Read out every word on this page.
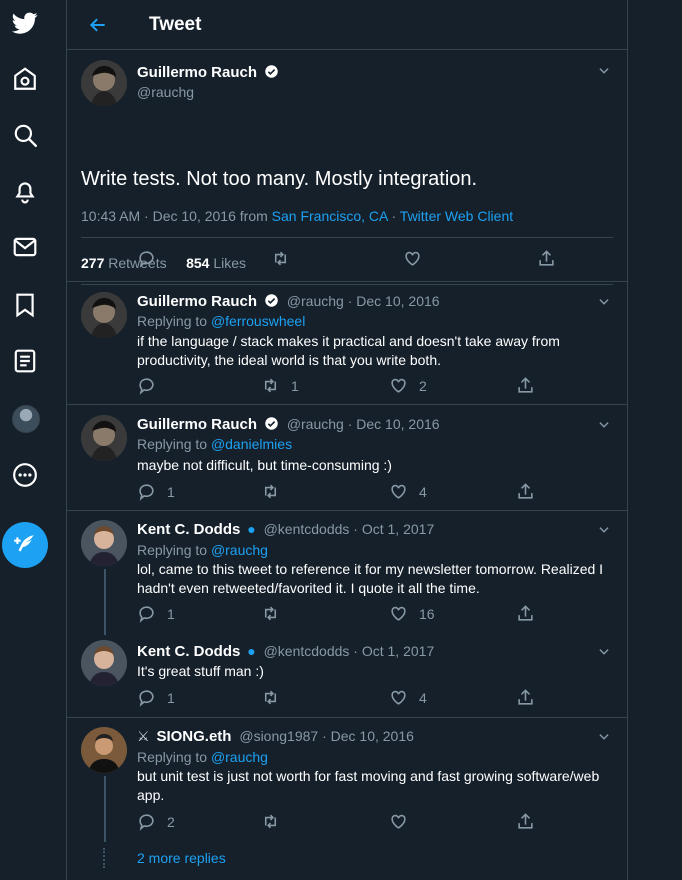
Tweet
Guillermo Rauch
@rauchg
Write tests. Not too many. Mostly integration.
10:43 AM · Dec 10, 2016 from San Francisco, CA · Twitter Web Client
277 Retweets 854 Likes
Guillermo Rauch @rauchg · Dec 10, 2016
Replying to @ferrouswheel
if the language / stack makes it practical and doesn't take away from productivity, the ideal world is that you write both.
1	2
Guillermo Rauch @rauchg · Dec 10, 2016
Replying to @danielmies
maybe not difficult, but time-consuming :)
1	4
Kent C. Dodds ● @kentcdodds · Oct 1, 2017
Replying to @rauchg
lol, came to this tweet to reference it for my newsletter tomorrow. Realized I hadn't even retweeted/favorited it. I quote it all the time.
1	16
Kent C. Dodds ● @kentcdodds · Oct 1, 2017
It's great stuff man :)
1	4
⚔ SIONG.eth @siong1987 · Dec 10, 2016
Replying to @rauchg
but unit test is just not worth for fast moving and fast growing software/web app.
2
2 more replies
